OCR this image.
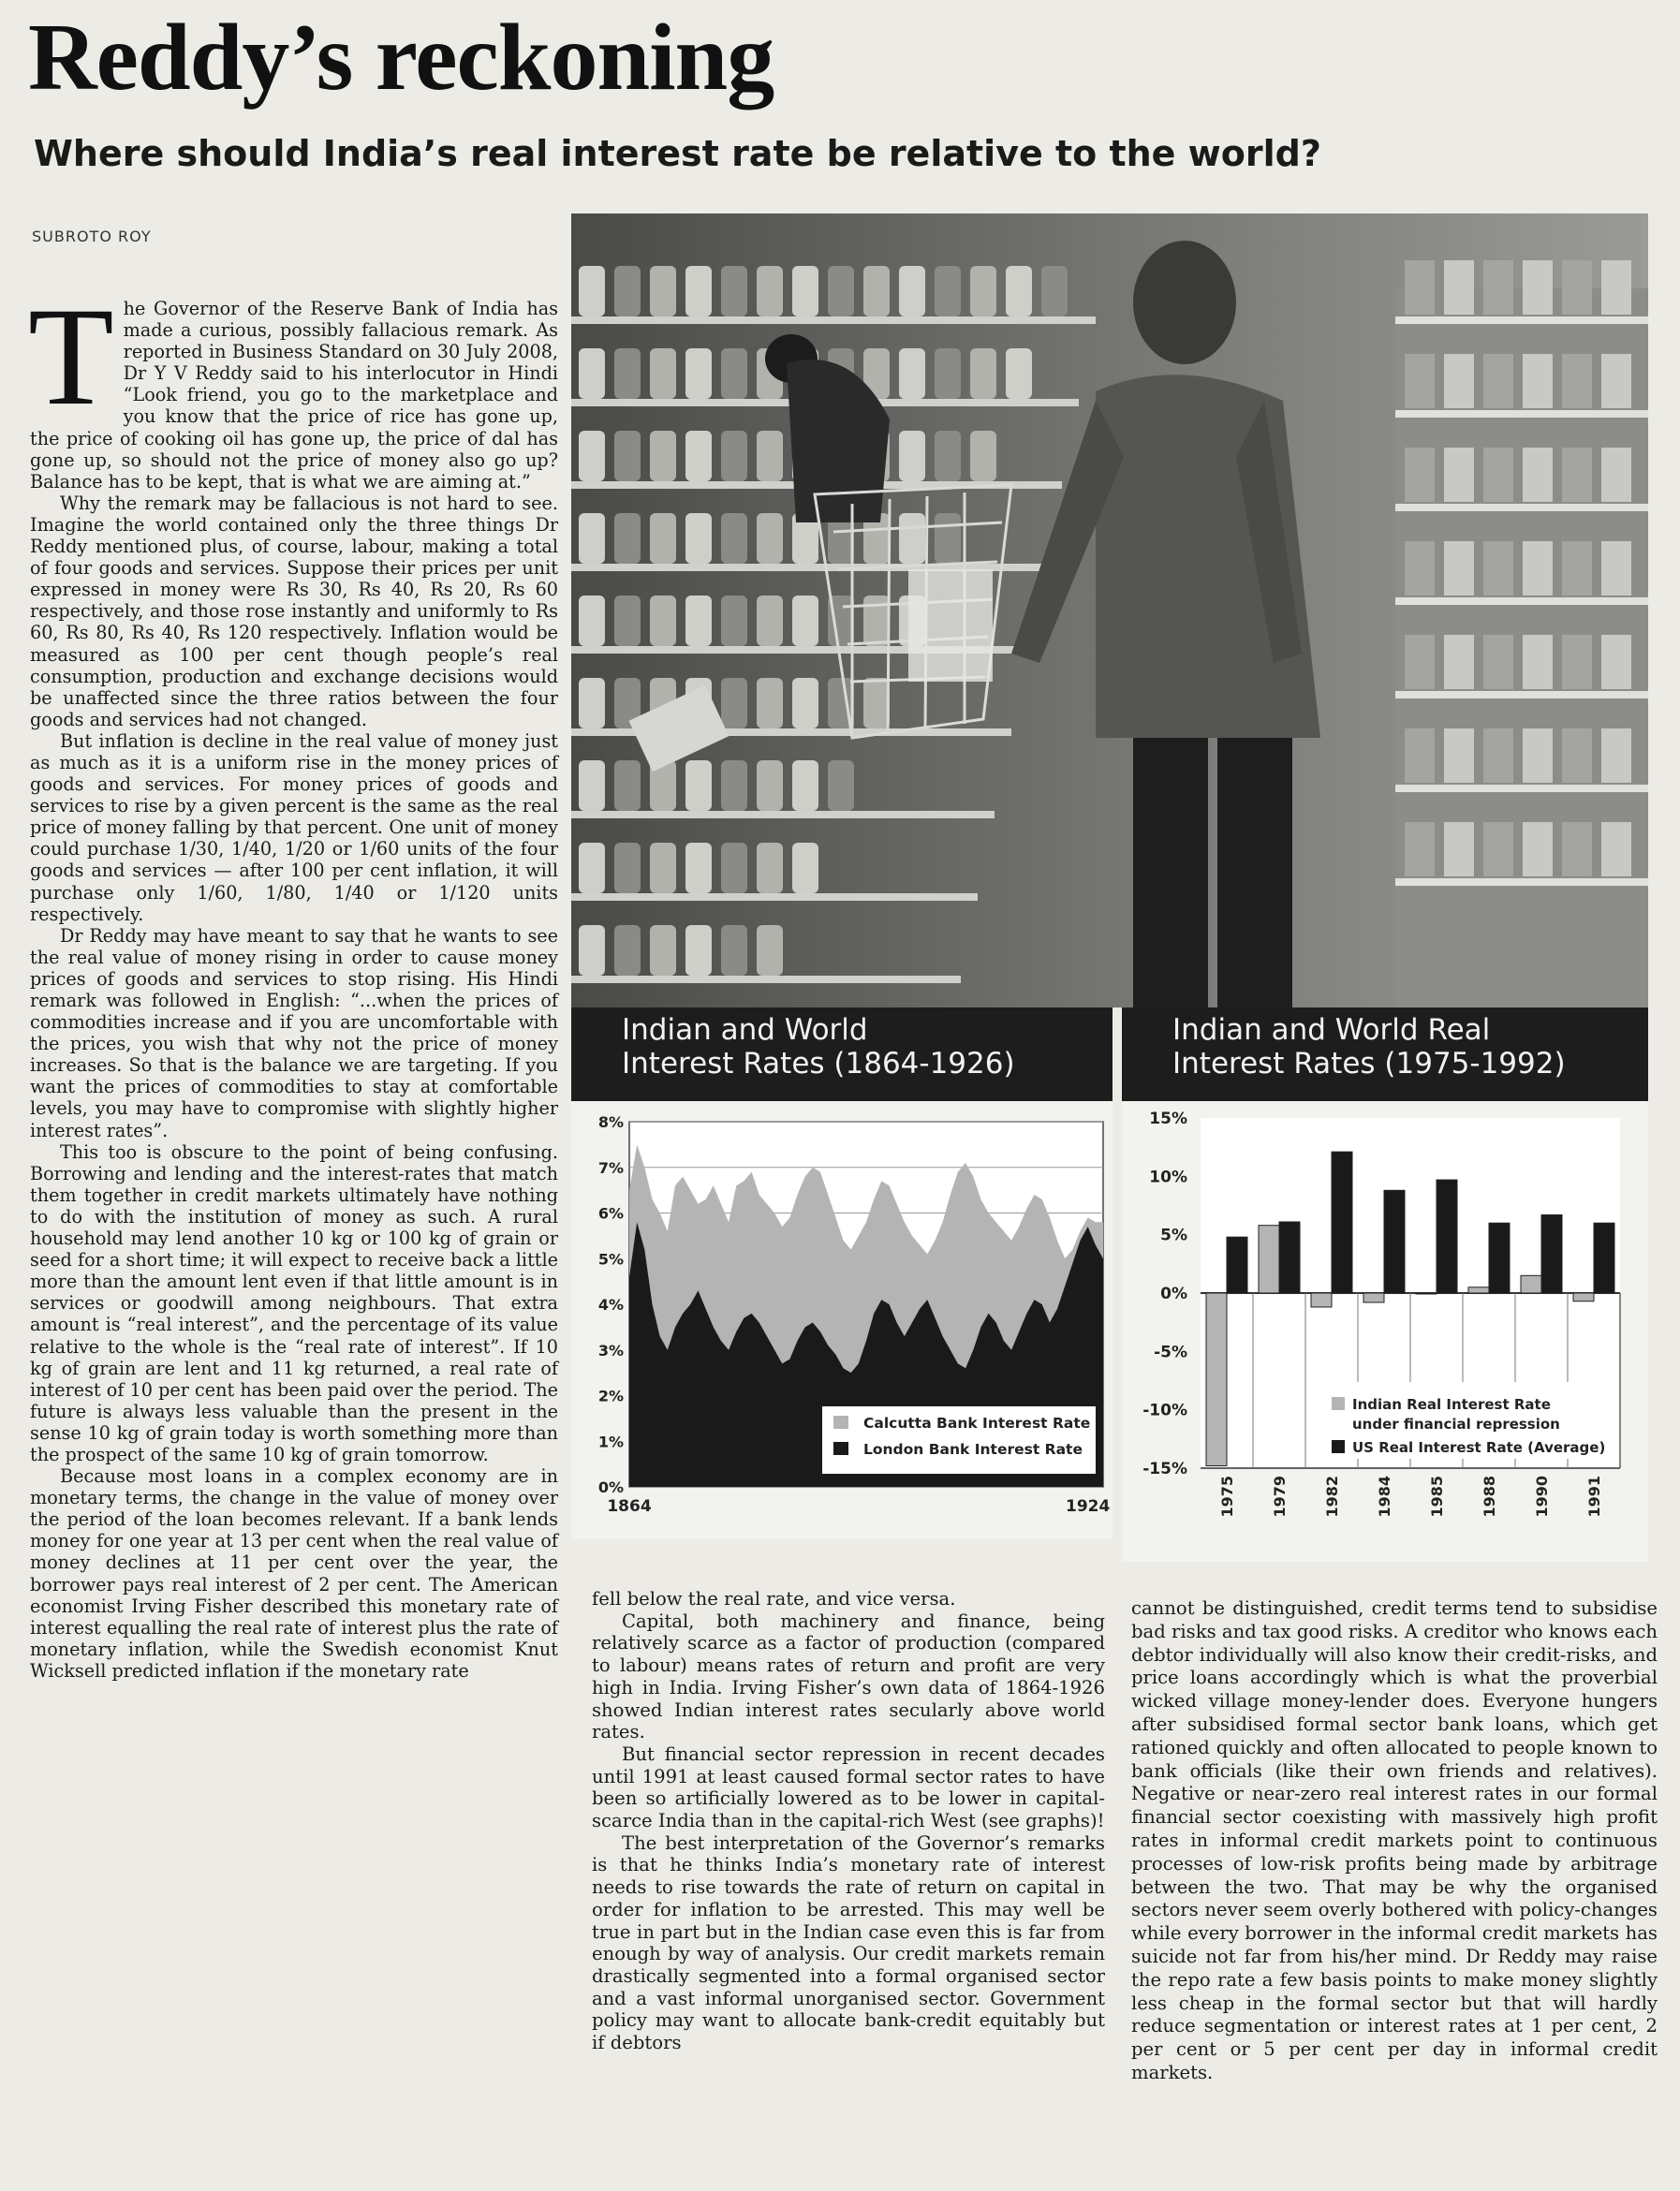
Reddy’s reckoning
Where should India’s real interest rate be relative to the world?
SUBROTO ROY

The Governor of the Reserve Bank of India has made a curious, possibly fallacious remark. As reported in Business Standard on 30 July 2008, Dr Y V Reddy said to his interlocutor in Hindi “Look friend, you go to the marketplace and you know that the price of rice has gone up, the price of cooking oil has gone up, the price of dal has gone up, so should not the price of money also go up? Balance has to be kept, that is what we are aiming at.”

Why the remark may be fallacious is not hard to see. Imagine the world contained only the three things Dr Reddy mentioned plus, of course, labour, making a total of four goods and services. Suppose their prices per unit expressed in money were Rs 30, Rs 40, Rs 20, Rs 60 respectively, and those rose instantly and uniformly to Rs 60, Rs 80, Rs 40, Rs 120 respectively. Inflation would be measured as 100 per cent though people’s real consumption, production and exchange decisions would be unaffected since the three ratios between the four goods and services had not changed.

But inflation is decline in the real value of money just as much as it is a uniform rise in the money prices of goods and services. For money prices of goods and services to rise by a given percent is the same as the real price of money falling by that percent. One unit of money could purchase 1/30, 1/40, 1/20 or 1/60 units of the four goods and services — after 100 per cent inflation, it will purchase only 1/60, 1/80, 1/40 or 1/120 units respectively.

Dr Reddy may have meant to say that he wants to see the real value of money rising in order to cause money prices of goods and services to stop rising. His Hindi remark was followed in English: “...when the prices of commodities increase and if you are uncomfortable with the prices, you wish that why not the price of money increases. So that is the balance we are targeting. If you want the prices of commodities to stay at comfortable levels, you may have to compromise with slightly higher interest rates”.

This too is obscure to the point of being confusing. Borrowing and lending and the interest-rates that match them together in credit markets ultimately have nothing to do with the institution of money as such. A rural household may lend another 10 kg or 100 kg of grain or seed for a short time; it will expect to receive back a little more than the amount lent even if that little amount is in services or goodwill among neighbours. That extra amount is “real interest”, and the percentage of its value relative to the whole is the “real rate of interest”. If 10 kg of grain are lent and 11 kg returned, a real rate of interest of 10 per cent has been paid over the period. The future is always less valuable than the present in the sense 10 kg of grain today is worth something more than the prospect of the same 10 kg of grain tomorrow.

Because most loans in a complex economy are in monetary terms, the change in the value of money over the period of the loan becomes relevant. If a bank lends money for one year at 13 per cent when the real value of money declines at 11 per cent over the year, the borrower pays real interest of 2 per cent. The American economist Irving Fisher described this monetary rate of interest equalling the real rate of interest plus the rate of monetary inflation, while the Swedish economist Knut Wicksell predicted inflation if the monetary rate

Indian and World
Interest Rates (1864-1926)
Indian and World Real
Interest Rates (1975-1992)
8%
7%
6%
5%
4%
3%
2%
1%
0%
1864	1924
Calcutta Bank Interest Rate
London Bank Interest Rate
15%
10%
5%
0%
-5%
-10%
-15%
1975 1979 1982 1984 1985 1988 1990 1991
Indian Real Interest Rate
under financial repression
US Real Interest Rate (Average)

fell below the real rate, and vice versa.

Capital, both machinery and finance, being relatively scarce as a factor of production (compared to labour) means rates of return and profit are very high in India. Irving Fisher’s own data of 1864-1926 showed Indian interest rates secularly above world rates.

But financial sector repression in recent decades until 1991 at least caused formal sector rates to have been so artificially lowered as to be lower in capital-scarce India than in the capital-rich West (see graphs)!

The best interpretation of the Governor’s remarks is that he thinks India’s monetary rate of interest needs to rise towards the rate of return on capital in order for inflation to be arrested. This may well be true in part but in the Indian case even this is far from enough by way of analysis. Our credit markets remain drastically segmented into a formal organised sector and a vast informal unorganised sector. Government policy may want to allocate bank-credit equitably but if debtors

cannot be distinguished, credit terms tend to subsidise bad risks and tax good risks. A creditor who knows each debtor individually will also know their credit-risks, and price loans accordingly which is what the proverbial wicked village money-lender does. Everyone hungers after subsidised formal sector bank loans, which get rationed quickly and often allocated to people known to bank officials (like their own friends and relatives). Negative or near-zero real interest rates in our formal financial sector coexisting with massively high profit rates in informal credit markets point to continuous processes of low-risk profits being made by arbitrage between the two. That may be why the organised sectors never seem overly bothered with policy-changes while every borrower in the informal credit markets has suicide not far from his/her mind. Dr Reddy may raise the repo rate a few basis points to make money slightly less cheap in the formal sector but that will hardly reduce segmentation or interest rates at 1 per cent, 2 per cent or 5 per cent per day in informal credit markets.
